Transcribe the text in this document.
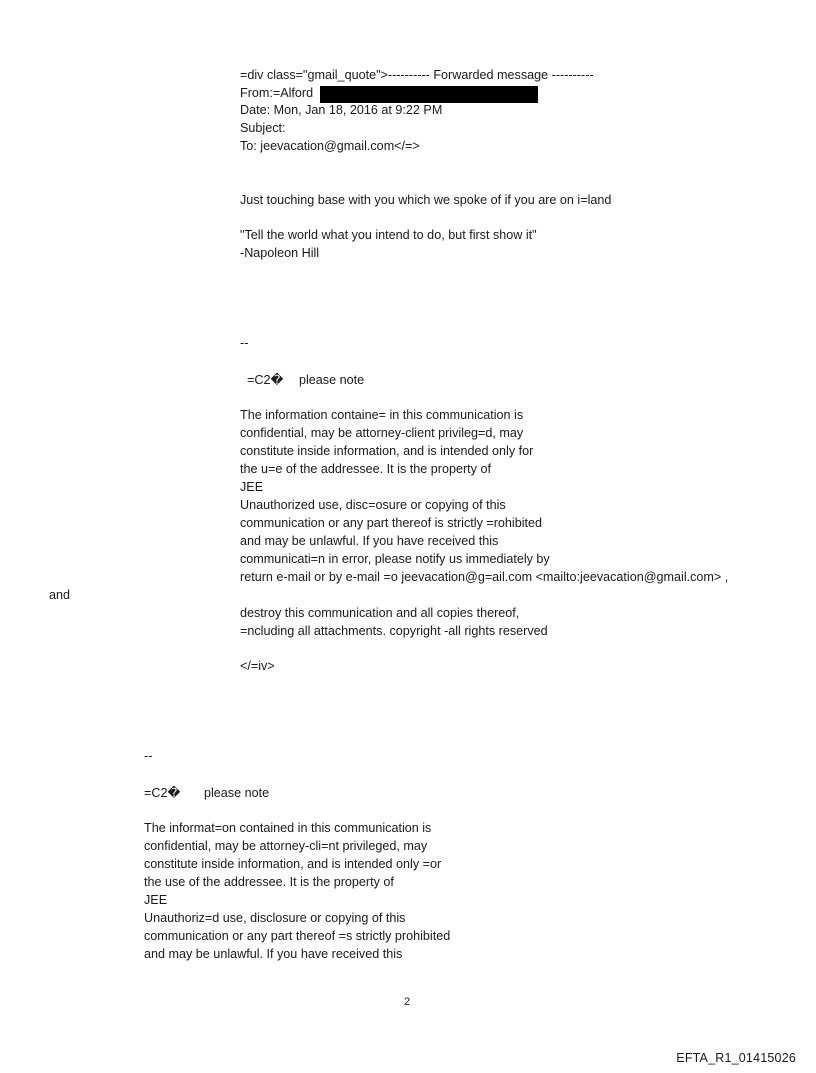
=div class="gmail_quote">---------- Forwarded message ----------
From:=Alford
Date: Mon, Jan 18, 2016 at 9:22 PM
Subject:
To: jeevacation@gmail.com</=>
Just touching base with you which we spoke of if you are on i=land
"Tell the world what you intend to do, but first show it"
-Napoleon Hill
--
=C2� please note
The information containe= in this communication is
confidential, may be attorney-client privileg=d, may
constitute inside information, and is intended only for
the u=e of the addressee. It is the property of
JEE
Unauthorized use, disc=osure or copying of this
communication or any part thereof is strictly =rohibited
and may be unlawful. If you have received this
communicati=n in error, please notify us immediately by
return e-mail or by e-mail =o jeevacation@g=ail.com <mailto:jeevacation@gmail.com> ,
and
destroy this communication and all copies thereof,
=ncluding all attachments. copyright -all rights reserved
</=iv>
--
=C2� please note
The informat=on contained in this communication is
confidential, may be attorney-cli=nt privileged, may
constitute inside information, and is intended only =or
the use of the addressee. It is the property of
JEE
Unauthoriz=d use, disclosure or copying of this
communication or any part thereof =s strictly prohibited
and may be unlawful. If you have received this
2
EFTA_R1_01415026
